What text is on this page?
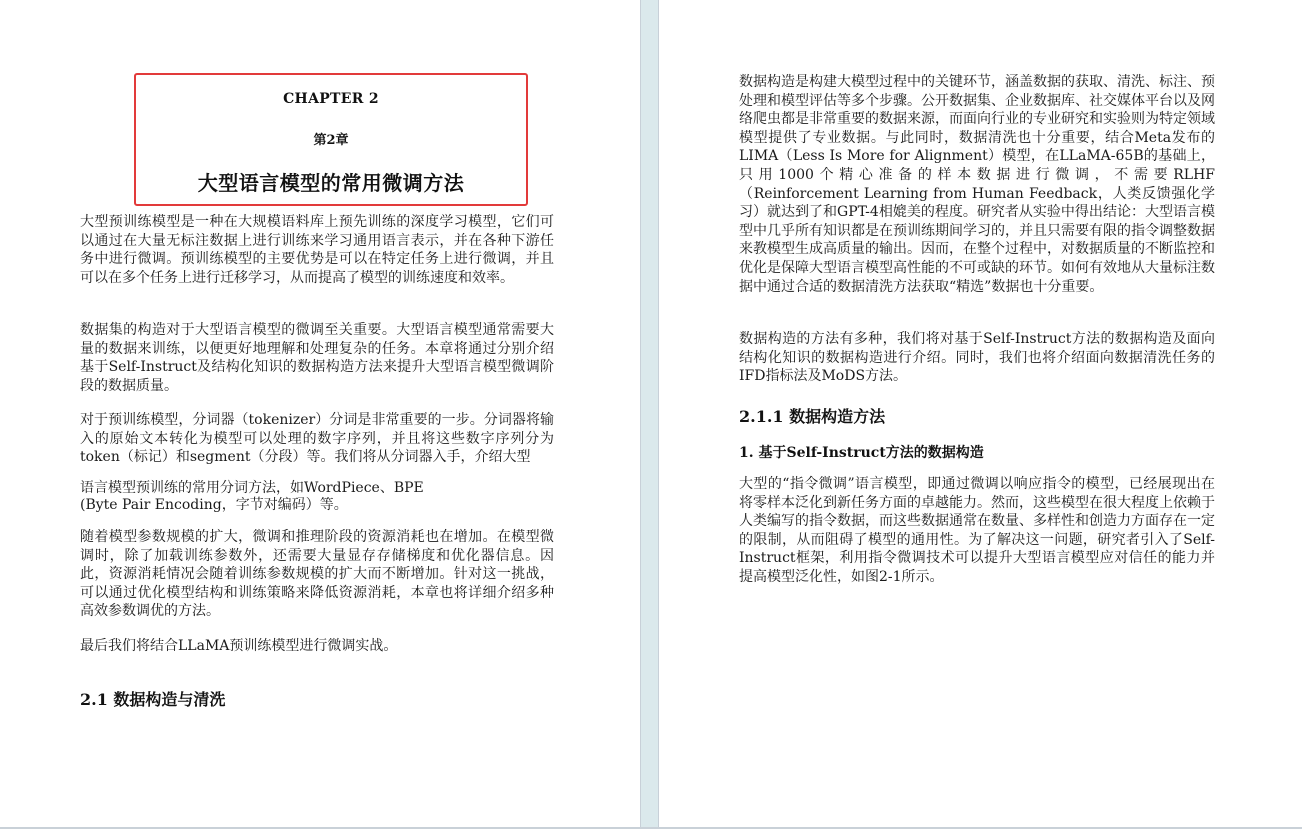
CHAPTER 2
第2章
大型语言模型的常用微调方法

大型预训练模型是一种在大规模语料库上预先训练的深度学习模型，它们可以通过在大量无标注数据上进行训练来学习通用语言表示，并在各种下游任务中进行微调。预训练模型的主要优势是可以在特定任务上进行微调，并且可以在多个任务上进行迁移学习，从而提高了模型的训练速度和效率。

数据集的构造对于大型语言模型的微调至关重要。大型语言模型通常需要大量的数据来训练，以便更好地理解和处理复杂的任务。本章将通过分别介绍基于Self-Instruct及结构化知识的数据构造方法来提升大型语言模型微调阶段的数据质量。

对于预训练模型，分词器（tokenizer）分词是非常重要的一步。分词器将输入的原始文本转化为模型可以处理的数字序列，并且将这些数字序列分为token（标记）和segment（分段）等。我们将从分词器入手，介绍大型

语言模型预训练的常用分词方法，如WordPiece、BPE

(Byte Pair Encoding，字节对编码）等。

随着模型参数规模的扩大，微调和推理阶段的资源消耗也在增加。在模型微调时，除了加载训练参数外，还需要大量显存存储梯度和优化器信息。因此，资源消耗情况会随着训练参数规模的扩大而不断增加。针对这一挑战，可以通过优化模型结构和训练策略来降低资源消耗，本章也将详细介绍多种高效参数调优的方法。

最后我们将结合LLaMA预训练模型进行微调实战。

2.1 数据构造与清洗

数据构造是构建大模型过程中的关键环节，涵盖数据的获取、清洗、标注、预处理和模型评估等多个步骤。公开数据集、企业数据库、社交媒体平台以及网络爬虫都是非常重要的数据来源，而面向行业的专业研究和实验则为特定领域模型提供了专业数据。与此同时，数据清洗也十分重要，结合Meta发布的LIMA（Less Is More for Alignment）模型，在LLaMA-65B的基础上，只用1000个精心准备的样本数据进行微调，不需要RLHF（Reinforcement Learning from Human Feedback，人类反馈强化学习）就达到了和GPT-4相媲美的程度。研究者从实验中得出结论：大型语言模型中几乎所有知识都是在预训练期间学习的，并且只需要有限的指令调整数据来教模型生成高质量的输出。因而，在整个过程中，对数据质量的不断监控和优化是保障大型语言模型高性能的不可或缺的环节。如何有效地从大量标注数据中通过合适的数据清洗方法获取“精选”数据也十分重要。

数据构造的方法有多种，我们将对基于Self-Instruct方法的数据构造及面向结构化知识的数据构造进行介绍。同时，我们也将介绍面向数据清洗任务的IFD指标法及MoDS方法。

2.1.1 数据构造方法
1. 基于Self-Instruct方法的数据构造

大型的“指令微调”语言模型，即通过微调以响应指令的模型，已经展现出在将零样本泛化到新任务方面的卓越能力。然而，这些模型在很大程度上依赖于人类编写的指令数据，而这些数据通常在数量、多样性和创造力方面存在一定的限制，从而阻碍了模型的通用性。为了解决这一问题，研究者引入了Self-Instruct框架，利用指令微调技术可以提升大型语言模型应对信任的能力并提高模型泛化性，如图2-1所示。
